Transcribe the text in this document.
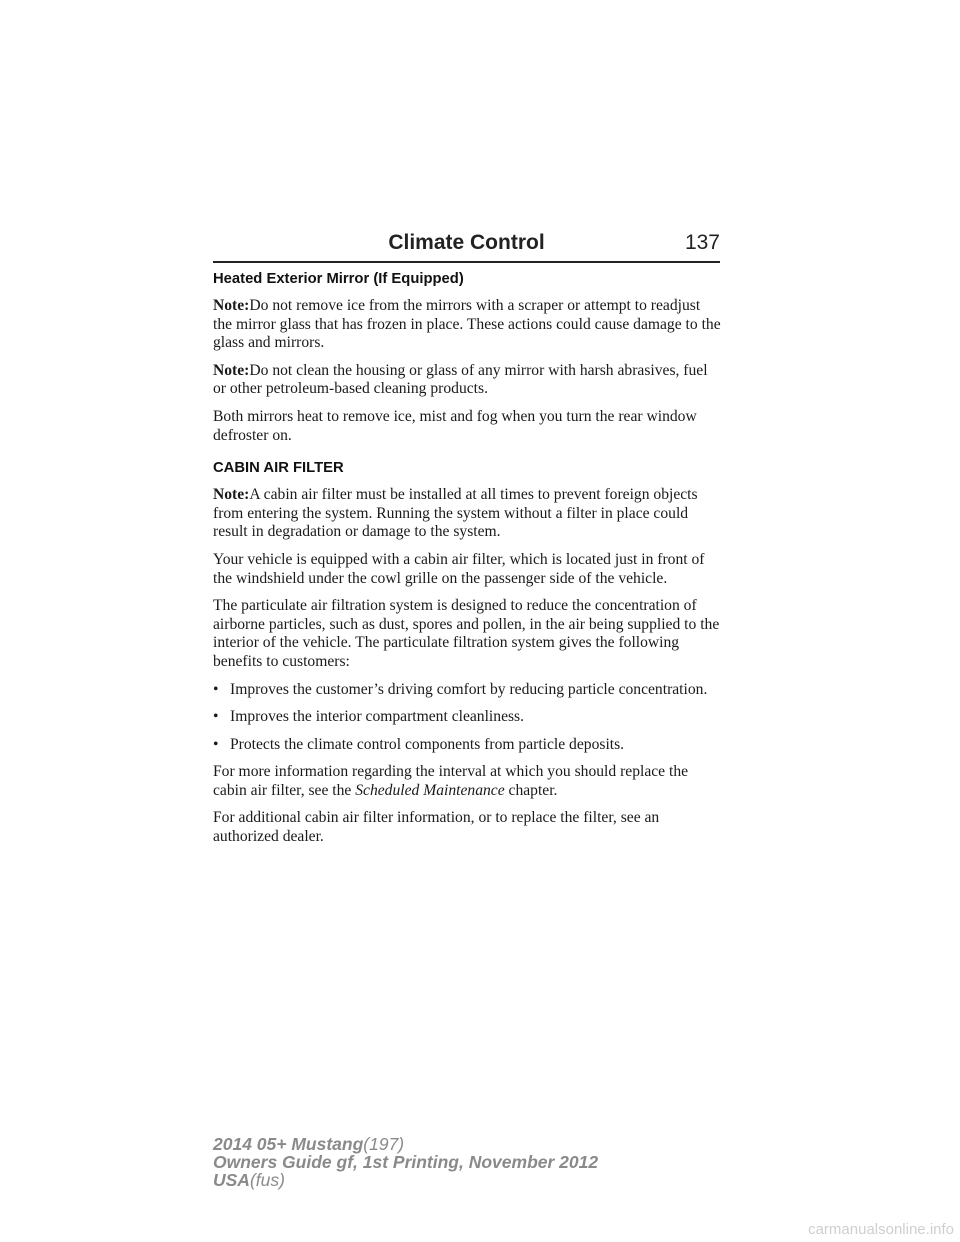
Climate Control	137
Heated Exterior Mirror (If Equipped)

Note:Do not remove ice from the mirrors with a scraper or attempt to readjust the mirror glass that has frozen in place. These actions could cause damage to the glass and mirrors.

Note:Do not clean the housing or glass of any mirror with harsh abrasives, fuel or other petroleum-based cleaning products.

Both mirrors heat to remove ice, mist and fog when you turn the rear window defroster on.

CABIN AIR FILTER

Note:A cabin air filter must be installed at all times to prevent foreign objects from entering the system. Running the system without a filter in place could result in degradation or damage to the system.

Your vehicle is equipped with a cabin air filter, which is located just in front of the windshield under the cowl grille on the passenger side of the vehicle.

The particulate air filtration system is designed to reduce the concentration of airborne particles, such as dust, spores and pollen, in the air being supplied to the interior of the vehicle. The particulate filtration system gives the following benefits to customers:

• Improves the customer’s driving comfort by reducing particle concentration.
• Improves the interior compartment cleanliness.
• Protects the climate control components from particle deposits.

For more information regarding the interval at which you should replace the cabin air filter, see the Scheduled Maintenance chapter.

For additional cabin air filter information, or to replace the filter, see an authorized dealer.

2014 05+ Mustang(197)
Owners Guide gf, 1st Printing, November 2012
USA(fus)
carmanualsonline.info
